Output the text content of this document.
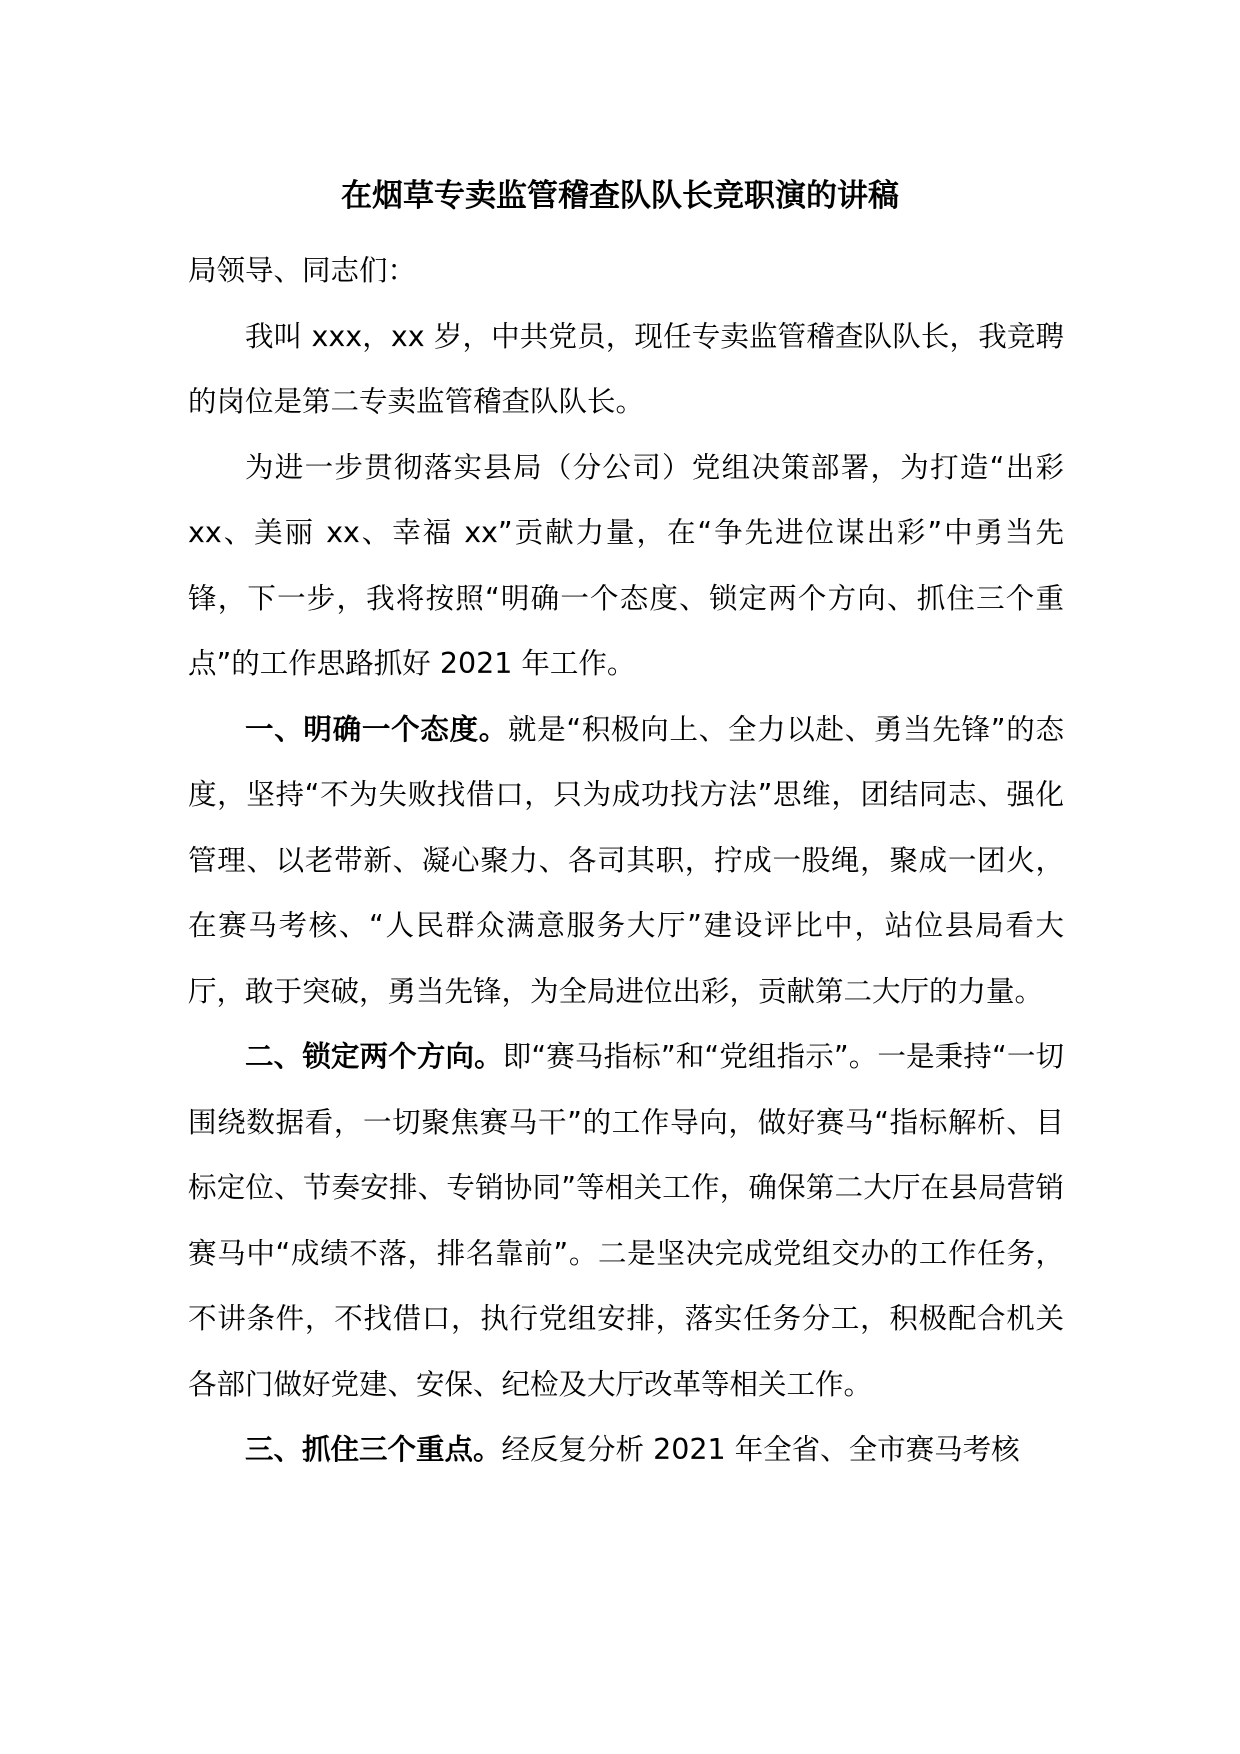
在烟草专卖监管稽查队队长竞职演的讲稿

局领导、同志们：

我叫 xxx，xx 岁，中共党员，现任专卖监管稽查队队长，我竞聘的岗位是第二专卖监管稽查队队长。

为进一步贯彻落实县局（分公司）党组决策部署，为打造“出彩 xx、美丽 xx、幸福 xx”贡献力量，在“争先进位谋出彩”中勇当先锋，下一步，我将按照“明确一个态度、锁定两个方向、抓住三个重点”的工作思路抓好 2021 年工作。

一、明确一个态度。就是“积极向上、全力以赴、勇当先锋”的态度，坚持“不为失败找借口，只为成功找方法”思维，团结同志、强化管理、以老带新、凝心聚力、各司其职，拧成一股绳，聚成一团火，在赛马考核、“人民群众满意服务大厅”建设评比中，站位县局看大厅，敢于突破，勇当先锋，为全局进位出彩，贡献第二大厅的力量。

二、锁定两个方向。即“赛马指标”和“党组指示”。一是秉持“一切围绕数据看，一切聚焦赛马干”的工作导向，做好赛马“指标解析、目标定位、节奏安排、专销协同”等相关工作，确保第二大厅在县局营销赛马中“成绩不落，排名靠前”。二是坚决完成党组交办的工作任务，不讲条件，不找借口，执行党组安排，落实任务分工，积极配合机关各部门做好党建、安保、纪检及大厅改革等相关工作。

三、抓住三个重点。经反复分析 2021 年全省、全市赛马考核
